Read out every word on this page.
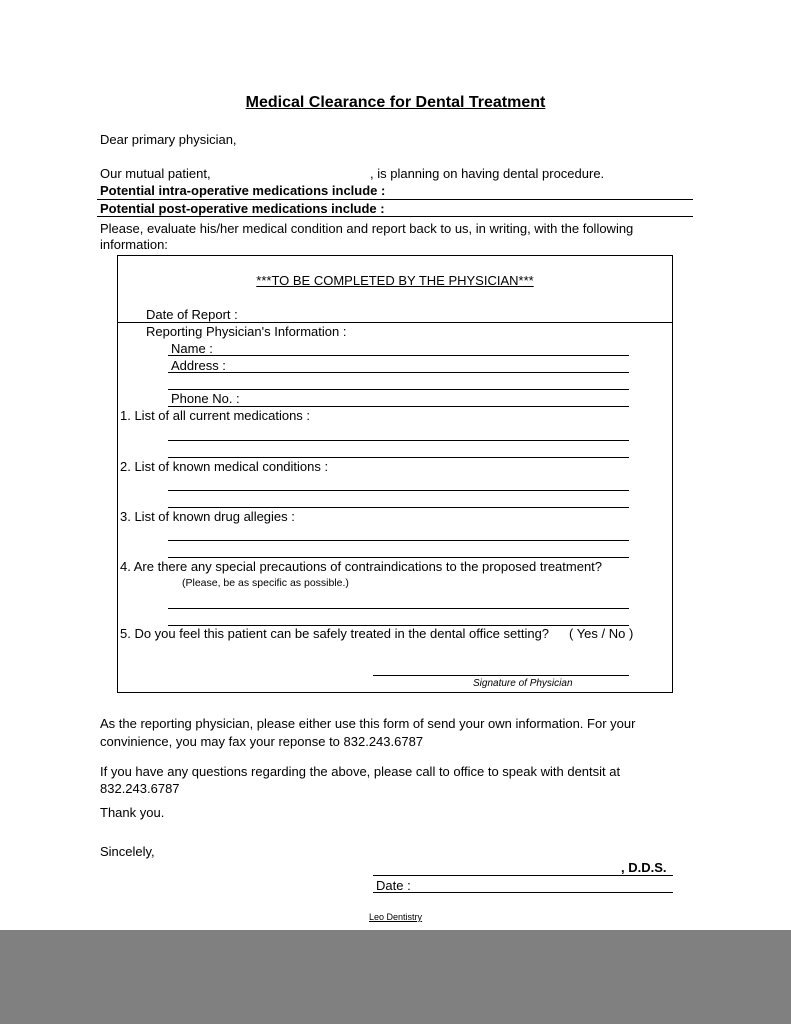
Medical Clearance for Dental Treatment
Dear primary physician,
Our mutual patient,	, is planning on having dental procedure.
Potential intra-operative medications include :
Potential post-operative medications include :
Please, evaluate his/her medical condition and report back to us, in writing, with the following
information:
***TO BE COMPLETED BY THE PHYSICIAN***
Date of Report :
Reporting Physician's Information :
Name :
Address :
Phone No. :
1. List of all current medications :
2. List of known medical conditions :
3. List of known drug allegies :
4. Are there any special precautions of contraindications to the proposed treatment?
(Please, be as specific as possible.)
5. Do you feel this patient can be safely treated in the dental office setting? ( Yes / No )
Signature of Physician
As the reporting physician, please either use this form of send your own information. For your
convinience, you may fax your reponse to 832.243.6787
If you have any questions regarding the above, please call to office to speak with dentsit at
832.243.6787
Thank you.
Sincelely,
, D.D.S.
Date :
Leo Dentistry
